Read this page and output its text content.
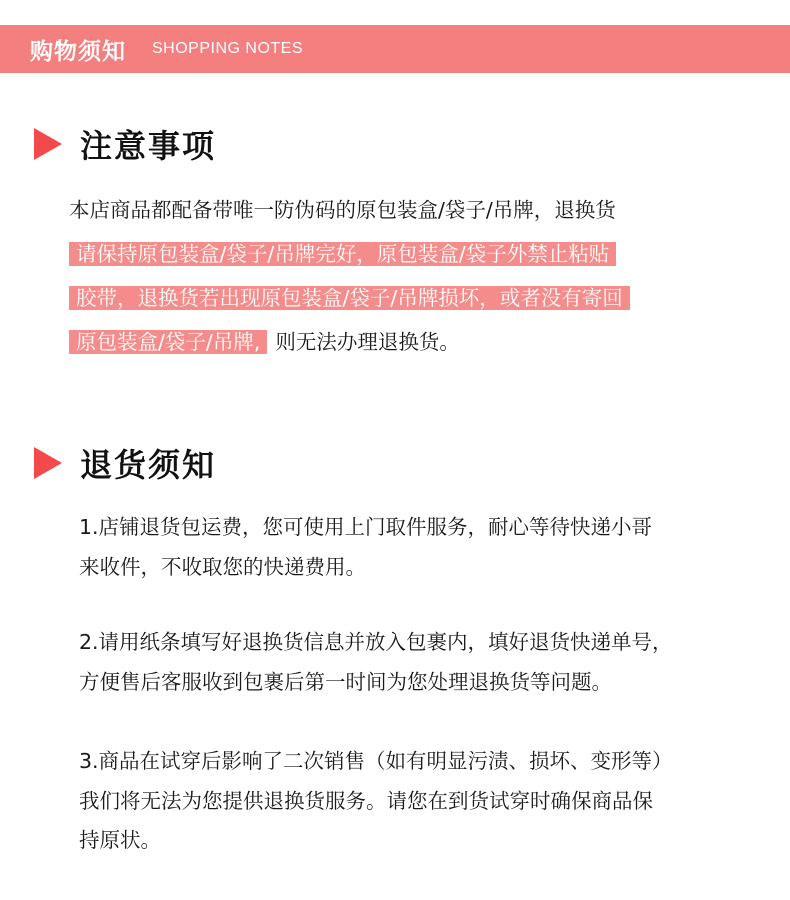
购物须知 SHOPPING NOTES
注意事项
本店商品都配备带唯一防伪码的原包装盒/袋子/吊牌，退换货
请保持原包装盒/袋子/吊牌完好，原包装盒/袋子外禁止粘贴
胶带，退换货若出现原包装盒/袋子/吊牌损坏，或者没有寄回
原包装盒/袋子/吊牌, 则无法办理退换货。
退货须知
1.店铺退货包运费，您可使用上门取件服务，耐心等待快递小哥
来收件，不收取您的快递费用。
2.请用纸条填写好退换货信息并放入包裹内，填好退货快递单号，
方便售后客服收到包裹后第一时间为您处理退换货等问题。
3.商品在试穿后影响了二次销售（如有明显污渍、损坏、变形等）
我们将无法为您提供退换货服务。请您在到货试穿时确保商品保
持原状。
